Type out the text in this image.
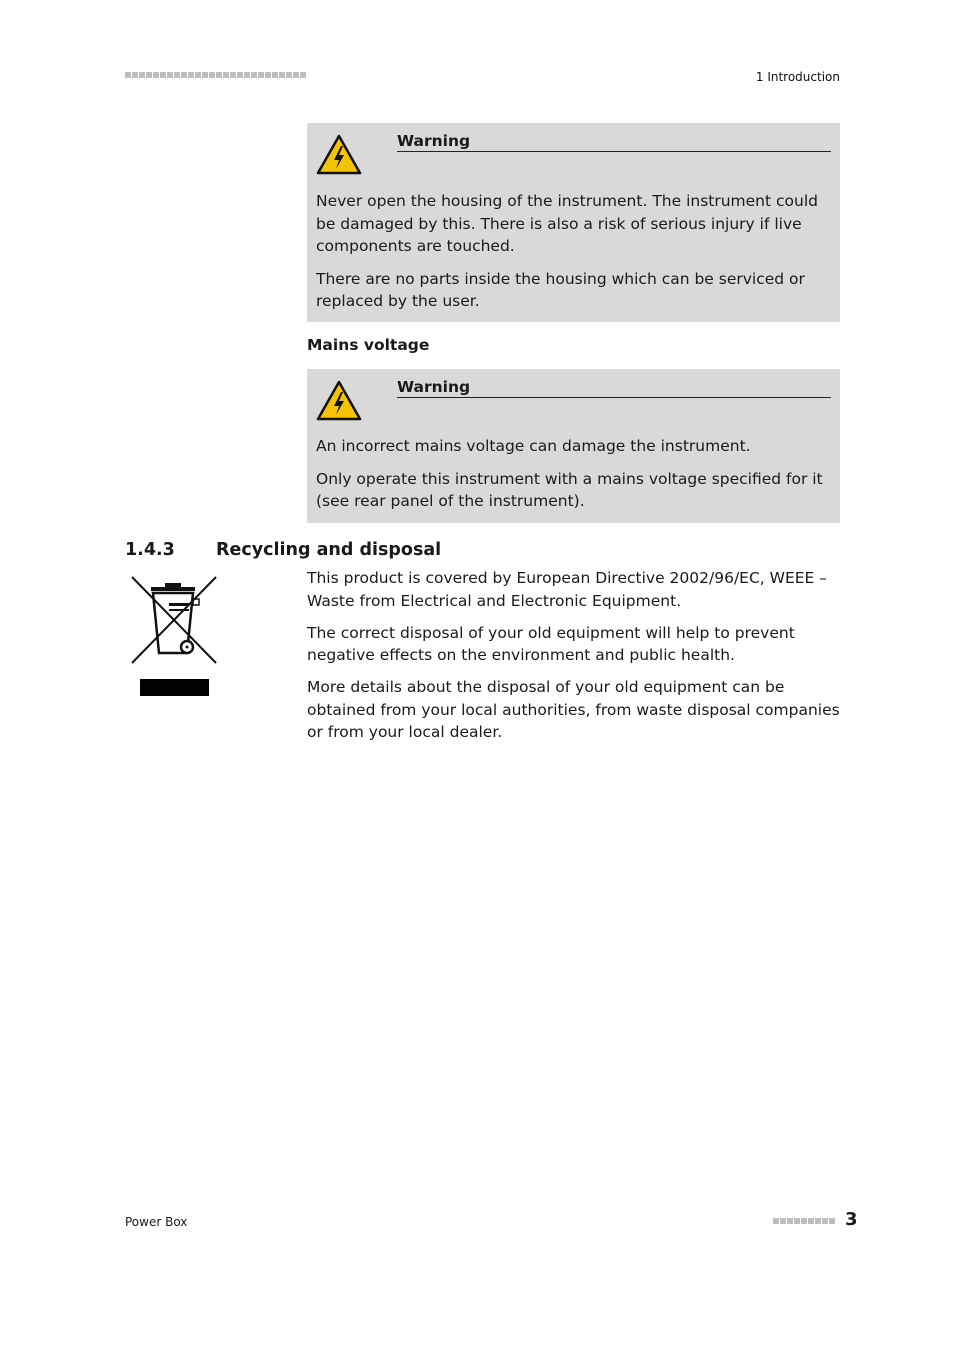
1 Introduction
Warning

Never open the housing of the instrument. The instrument could be damaged by this. There is also a risk of serious injury if live components are touched.

There are no parts inside the housing which can be serviced or replaced by the user.

Mains voltage
Warning

An incorrect mains voltage can damage the instrument.

Only operate this instrument with a mains voltage specified for it (see rear panel of the instrument).

1.4.3 Recycling and disposal

This product is covered by European Directive 2002/96/EC, WEEE – Waste from Electrical and Electronic Equipment.

The correct disposal of your old equipment will help to prevent negative effects on the environment and public health.

More details about the disposal of your old equipment can be obtained from your local authorities, from waste disposal companies or from your local dealer.

Power Box	3
